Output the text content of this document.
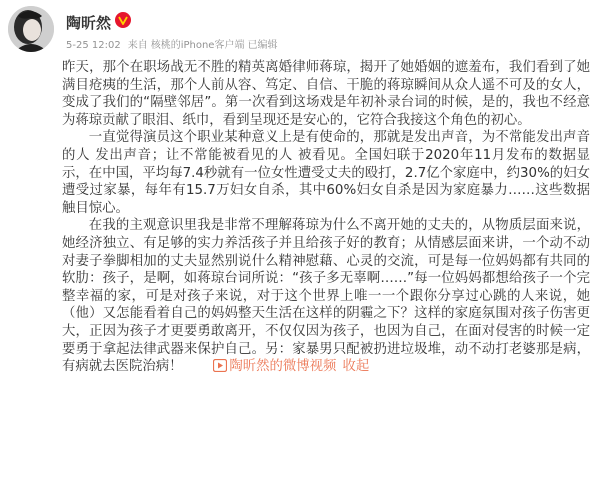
陶昕然
5-25 12:02 来自 核桃的iPhone客户端 已编辑

昨天，那个在职场战无不胜的精英离婚律师蒋琼，揭开了她婚姻的遮羞布，我们看到了她满目疮痍的生活，那个人前从容、笃定、自信、干脆的蒋琼瞬间从众人遥不可及的女人，变成了我们的“隔壁邻居”。第一次看到这场戏是年初补录台词的时候，是的，我也不经意为蒋琼贡献了眼泪、纸巾，看到呈现还是安心的，它符合我接这个角色的初心。

一直觉得演员这个职业某种意义上是有使命的，那就是发出声音，为不常能发出声音的人 发出声音；让不常能被看见的人 被看见。全国妇联于2020年11月发布的数据显示，在中国，平均每7.4秒就有一位女性遭受丈夫的殴打，2.7亿个家庭中，约30%的妇女遭受过家暴，每年有15.7万妇女自杀，其中60%妇女自杀是因为家庭暴力……这些数据触目惊心。

在我的主观意识里我是非常不理解蒋琼为什么不离开她的丈夫的，从物质层面来说，她经济独立、有足够的实力养活孩子并且给孩子好的教育；从情感层面来讲，一个动不动对妻子拳脚相加的丈夫显然别说什么精神慰藉、心灵的交流，可是每一位妈妈都有共同的软肋：孩子，是啊，如蒋琼台词所说：“孩子多无辜啊……”每一位妈妈都想给孩子一个完整幸福的家，可是对孩子来说，对于这个世界上唯一一个跟你分享过心跳的人来说，她（他）又怎能看着自己的妈妈整天生活在这样的阴霾之下？这样的家庭氛围对孩子伤害更大，正因为孩子才更要勇敢离开，不仅仅因为孩子，也因为自己，在面对侵害的时候一定要勇于拿起法律武器来保护自己。另：家暴男只配被扔进垃圾堆，动不动打老婆那是病，有病就去医院治病！	陶昕然的微博视频 收起
